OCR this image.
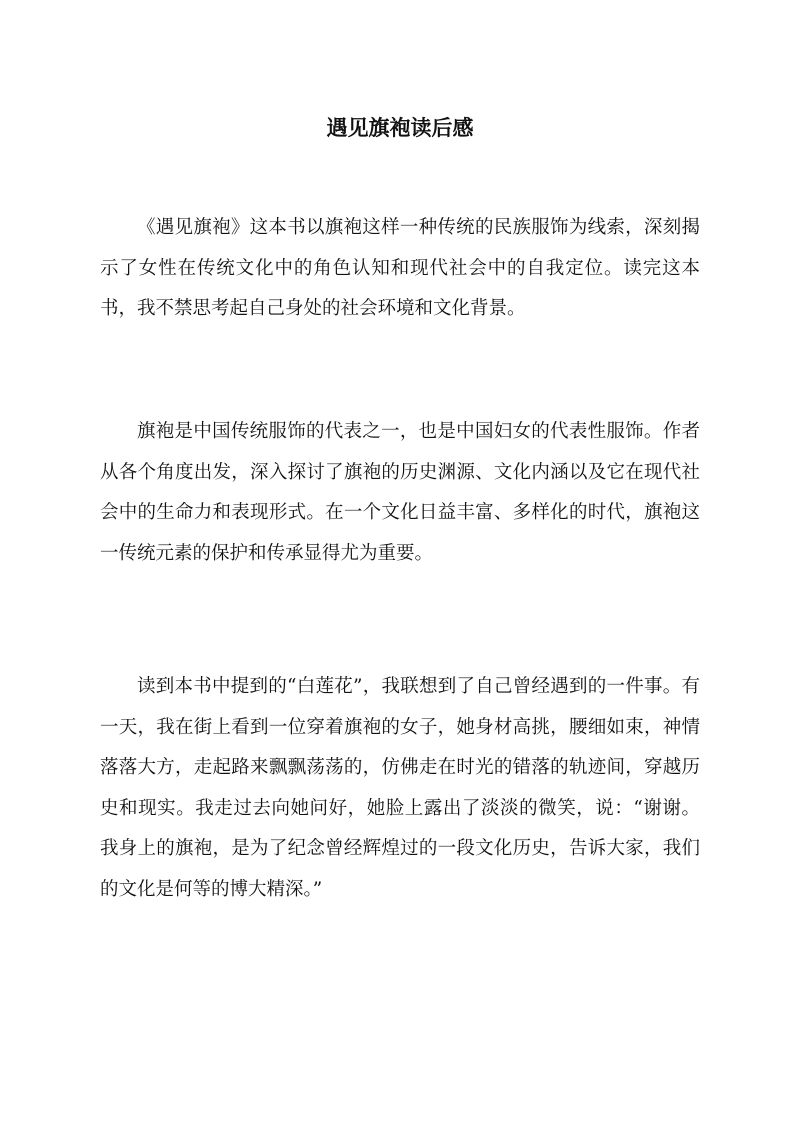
遇见旗袍读后感

《遇见旗袍》这本书以旗袍这样一种传统的民族服饰为线索，深刻揭示了女性在传统文化中的角色认知和现代社会中的自我定位。读完这本书，我不禁思考起自己身处的社会环境和文化背景。

旗袍是中国传统服饰的代表之一，也是中国妇女的代表性服饰。作者从各个角度出发，深入探讨了旗袍的历史渊源、文化内涵以及它在现代社会中的生命力和表现形式。在一个文化日益丰富、多样化的时代，旗袍这一传统元素的保护和传承显得尤为重要。

读到本书中提到的“白莲花”，我联想到了自己曾经遇到的一件事。有一天，我在街上看到一位穿着旗袍的女子，她身材高挑，腰细如束，神情落落大方，走起路来飘飘荡荡的，仿佛走在时光的错落的轨迹间，穿越历史和现实。我走过去向她问好，她脸上露出了淡淡的微笑，说：“谢谢。我身上的旗袍，是为了纪念曾经辉煌过的一段文化历史，告诉大家，我们的文化是何等的博大精深。”
